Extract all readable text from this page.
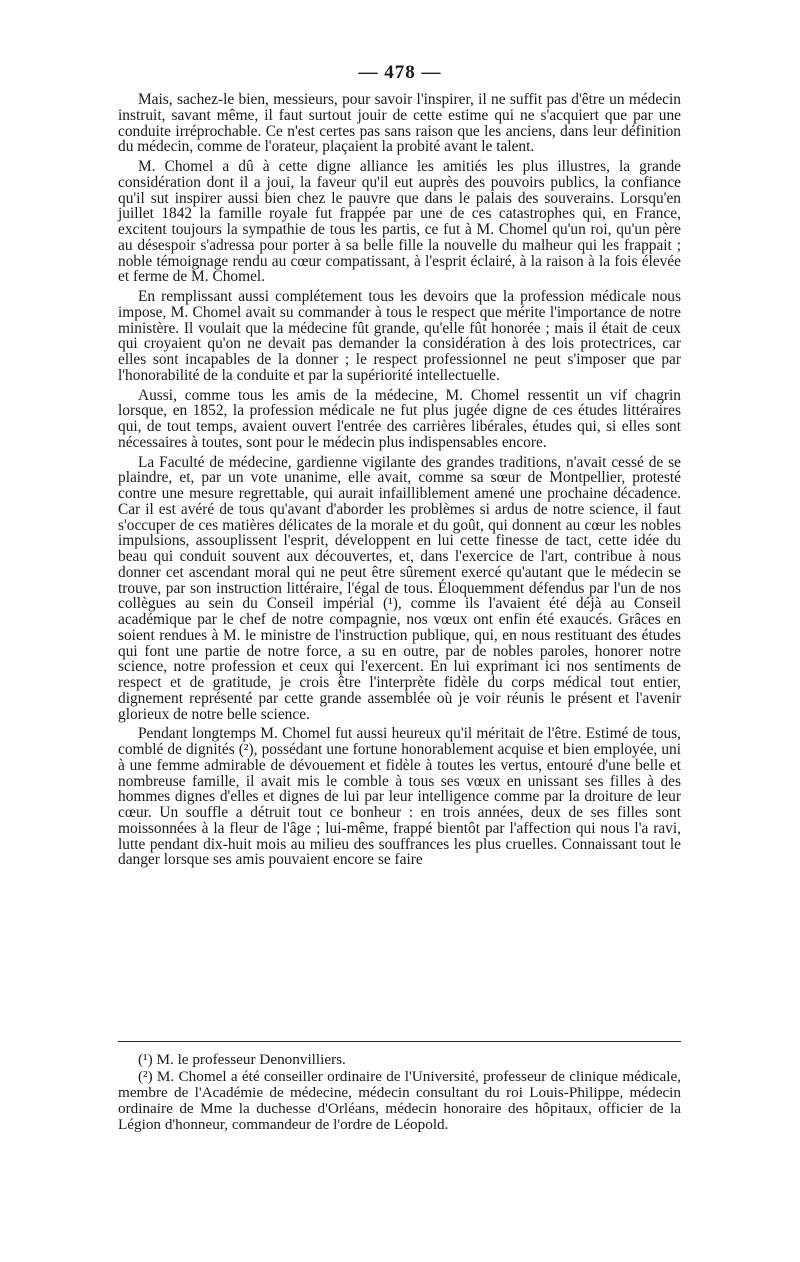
— 478 —

Mais, sachez-le bien, messieurs, pour savoir l'inspirer, il ne suffit pas d'être un médecin instruit, savant même, il faut surtout jouir de cette estime qui ne s'acquiert que par une conduite irréprochable. Ce n'est certes pas sans raison que les anciens, dans leur définition du médecin, comme de l'orateur, plaçaient la probité avant le talent.

M. Chomel a dû à cette digne alliance les amitiés les plus illustres, la grande considération dont il a joui, la faveur qu'il eut auprès des pouvoirs publics, la confiance qu'il sut inspirer aussi bien chez le pauvre que dans le palais des souverains. Lorsqu'en juillet 1842 la famille royale fut frappée par une de ces catastrophes qui, en France, excitent toujours la sympathie de tous les partis, ce fut à M. Chomel qu'un roi, qu'un père au désespoir s'adressa pour porter à sa belle fille la nouvelle du malheur qui les frappait ; noble témoignage rendu au cœur compatissant, à l'esprit éclairé, à la raison à la fois élevée et ferme de M. Chomel.

En remplissant aussi complétement tous les devoirs que la profession médicale nous impose, M. Chomel avait su commander à tous le respect que mérite l'importance de notre ministère. Il voulait que la médecine fût grande, qu'elle fût honorée ; mais il était de ceux qui croyaient qu'on ne devait pas demander la considération à des lois protectrices, car elles sont incapables de la donner ; le respect professionnel ne peut s'imposer que par l'honorabilité de la conduite et par la supériorité intellectuelle.

Aussi, comme tous les amis de la médecine, M. Chomel ressentit un vif chagrin lorsque, en 1852, la profession médicale ne fut plus jugée digne de ces études littéraires qui, de tout temps, avaient ouvert l'entrée des carrières libérales, études qui, si elles sont nécessaires à toutes, sont pour le médecin plus indispensables encore.

La Faculté de médecine, gardienne vigilante des grandes traditions, n'avait cessé de se plaindre, et, par un vote unanime, elle avait, comme sa sœur de Montpellier, protesté contre une mesure regrettable, qui aurait infailliblement amené une prochaine décadence. Car il est avéré de tous qu'avant d'aborder les problèmes si ardus de notre science, il faut s'occuper de ces matières délicates de la morale et du goût, qui donnent au cœur les nobles impulsions, assouplissent l'esprit, développent en lui cette finesse de tact, cette idée du beau qui conduit souvent aux découvertes, et, dans l'exercice de l'art, contribue à nous donner cet ascendant moral qui ne peut être sûrement exercé qu'autant que le médecin se trouve, par son instruction littéraire, l'égal de tous. Éloquemment défendus par l'un de nos collègues au sein du Conseil impérial (¹), comme ils l'avaient été déjà au Conseil académique par le chef de notre compagnie, nos vœux ont enfin été exaucés. Grâces en soient rendues à M. le ministre de l'instruction publique, qui, en nous restituant des études qui font une partie de notre force, a su en outre, par de nobles paroles, honorer notre science, notre profession et ceux qui l'exercent. En lui exprimant ici nos sentiments de respect et de gratitude, je crois être l'interprète fidèle du corps médical tout entier, dignement représenté par cette grande assemblée où je voir réunis le présent et l'avenir glorieux de notre belle science.

Pendant longtemps M. Chomel fut aussi heureux qu'il méritait de l'être. Estimé de tous, comblé de dignités (²), possédant une fortune honorablement acquise et bien employée, uni à une femme admirable de dévouement et fidèle à toutes les vertus, entouré d'une belle et nombreuse famille, il avait mis le comble à tous ses vœux en unissant ses filles à des hommes dignes d'elles et dignes de lui par leur intelligence comme par la droiture de leur cœur. Un souffle a détruit tout ce bonheur : en trois années, deux de ses filles sont moissonnées à la fleur de l'âge ; lui-même, frappé bientôt par l'affection qui nous l'a ravi, lutte pendant dix-huit mois au milieu des souffrances les plus cruelles. Connaissant tout le danger lorsque ses amis pouvaient encore se faire

(¹) M. le professeur Denonvilliers.

(²) M. Chomel a été conseiller ordinaire de l'Université, professeur de clinique médicale, membre de l'Académie de médecine, médecin consultant du roi Louis-Philippe, médecin ordinaire de Mme la duchesse d'Orléans, médecin honoraire des hôpitaux, officier de la Légion d'honneur, commandeur de l'ordre de Léopold.
